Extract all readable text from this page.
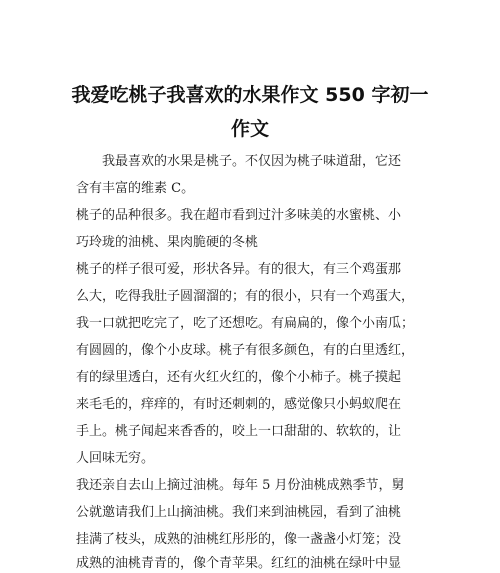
我爱吃桃子我喜欢的水果作文 550 字初一
作文

　　我最喜欢的水果是桃子。不仅因为桃子味道甜，它还

含有丰富的维素 C。

桃子的品种很多。我在超市看到过汁多味美的水蜜桃、小

巧玲珑的油桃、果肉脆硬的冬桃

桃子的样子很可爱，形状各异。有的很大，有三个鸡蛋那

么大，吃得我肚子圆溜溜的；有的很小，只有一个鸡蛋大，

我一口就把吃完了，吃了还想吃。有扁扁的，像个小南瓜；

有圆圆的，像个小皮球。桃子有很多颜色，有的白里透红，

有的绿里透白，还有火红火红的，像个小柿子。桃子摸起

来毛毛的，痒痒的，有时还刺刺的，感觉像只小蚂蚁爬在

手上。桃子闻起来香香的，咬上一口甜甜的、软软的，让

人回味无穷。

我还亲自去山上摘过油桃。每年 5 月份油桃成熟季节，舅

公就邀请我们上山摘油桃。我们来到油桃园，看到了油桃

挂满了枝头，成熟的油桃红彤彤的，像一盏盏小灯笼；没

成熟的油桃青青的，像个青苹果。红红的油桃在绿叶中显
